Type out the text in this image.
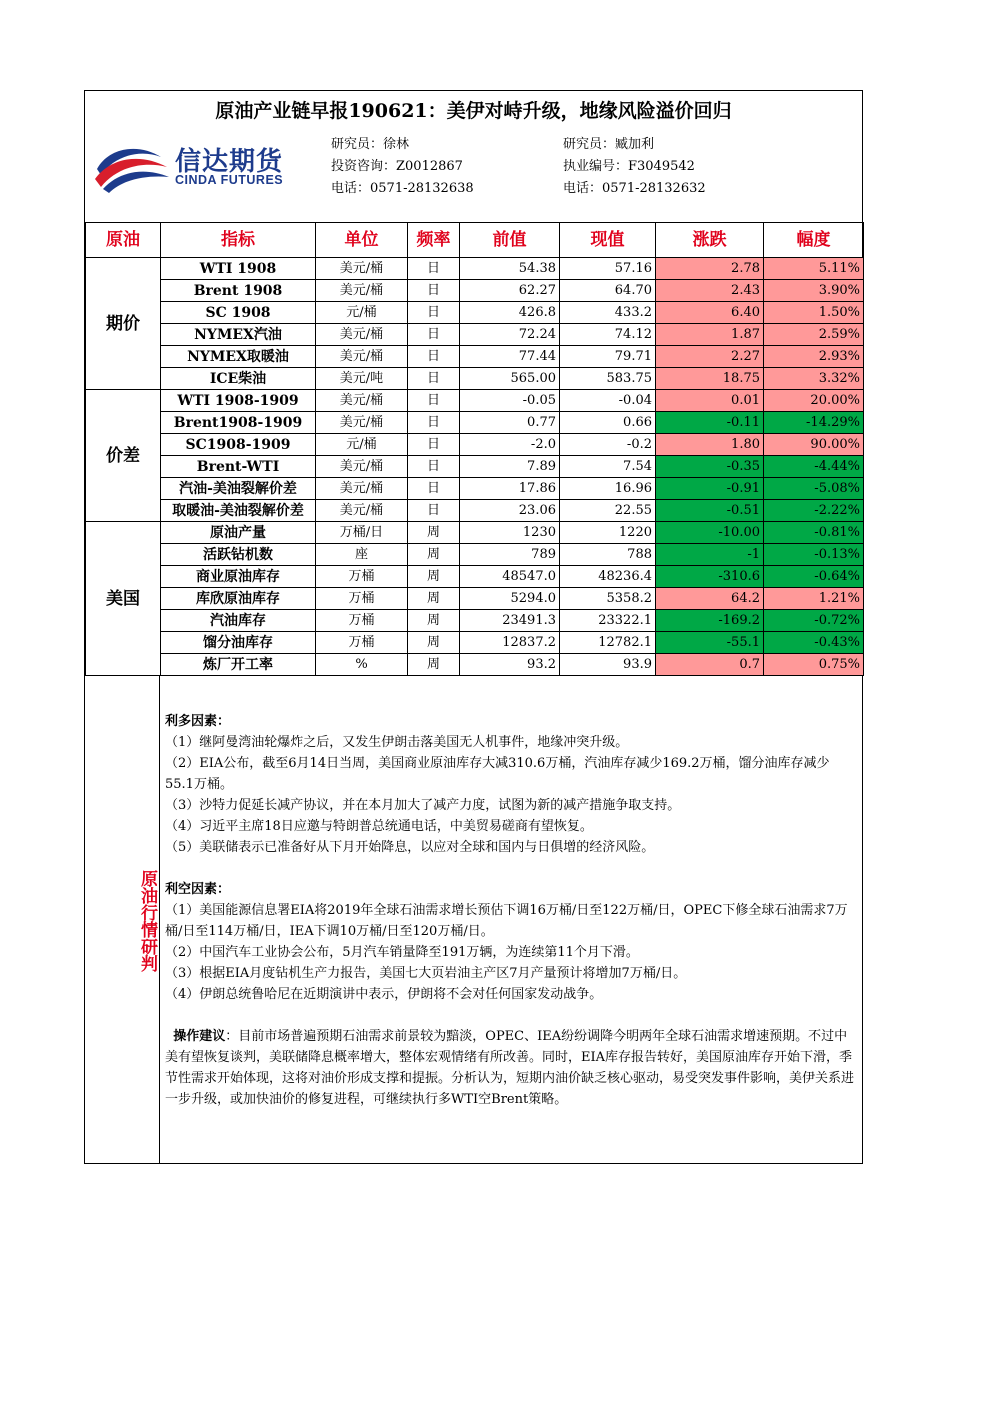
原油产业链早报190621：美伊对峙升级，地缘风险溢价回归
信达期货
CINDA FUTURES
研究员：徐林
投资咨询：Z0012867
电话：0571-28132638
研究员：臧加利
执业编号：F3049542
电话：0571-28132632
原油	指标	单位	频率	前值	现值	涨跌	幅度
期价	WTI 1908	美元/桶	日	54.38	57.16	2.78	5.11%
	Brent 1908	美元/桶	日	62.27	64.70	2.43	3.90%
	SC 1908	元/桶	日	426.8	433.2	6.40	1.50%
	NYMEX汽油	美元/桶	日	72.24	74.12	1.87	2.59%
	NYMEX取暖油	美元/桶	日	77.44	79.71	2.27	2.93%
	ICE柴油	美元/吨	日	565.00	583.75	18.75	3.32%
价差	WTI 1908-1909	美元/桶	日	-0.05	-0.04	0.01	20.00%
	Brent1908-1909	美元/桶	日	0.77	0.66	-0.11	-14.29%
	SC1908-1909	元/桶	日	-2.0	-0.2	1.80	90.00%
	Brent-WTI	美元/桶	日	7.89	7.54	-0.35	-4.44%
	汽油-美油裂解价差	美元/桶	日	17.86	16.96	-0.91	-5.08%
	取暖油-美油裂解价差	美元/桶	日	23.06	22.55	-0.51	-2.22%
美国	原油产量	万桶/日	周	1230	1220	-10.00	-0.81%
	活跃钻机数	座	周	789	788	-1	-0.13%
	商业原油库存	万桶	周	48547.0	48236.4	-310.6	-0.64%
	库欣原油库存	万桶	周	5294.0	5358.2	64.2	1.21%
	汽油库存	万桶	周	23491.3	23322.1	-169.2	-0.72%
	馏分油库存	万桶	周	12837.2	12782.1	-55.1	-0.43%
	炼厂开工率	%	周	93.2	93.9	0.7	0.75%
原油行情研判

利多因素：

（1）继阿曼湾油轮爆炸之后，又发生伊朗击落美国无人机事件，地缘冲突升级。

（2）EIA公布，截至6月14日当周，美国商业原油库存大减310.6万桶，汽油库存减少169.2万桶，馏分油库存减少55.1万桶。

（3）沙特力促延长减产协议，并在本月加大了减产力度，试图为新的减产措施争取支持。

（4）习近平主席18日应邀与特朗普总统通电话，中美贸易磋商有望恢复。

（5）美联储表示已准备好从下月开始降息，以应对全球和国内与日俱增的经济风险。

利空因素：

（1）美国能源信息署EIA将2019年全球石油需求增长预估下调16万桶/日至122万桶/日，OPEC下修全球石油需求7万桶/日至114万桶/日，IEA下调10万桶/日至120万桶/日。

（2）中国汽车工业协会公布，5月汽车销量降至191万辆，为连续第11个月下滑。

（3）根据EIA月度钻机生产力报告，美国七大页岩油主产区7月产量预计将增加7万桶/日。

（4）伊朗总统鲁哈尼在近期演讲中表示，伊朗将不会对任何国家发动战争。

操作建议：目前市场普遍预期石油需求前景较为黯淡，OPEC、IEA纷纷调降今明两年全球石油需求增速预期。不过中美有望恢复谈判，美联储降息概率增大，整体宏观情绪有所改善。同时，EIA库存报告转好，美国原油库存开始下滑，季节性需求开始体现，这将对油价形成支撑和提振。分析认为，短期内油价缺乏核心驱动，易受突发事件影响，美伊关系进一步升级，或加快油价的修复进程，可继续执行多WTI空Brent策略。
